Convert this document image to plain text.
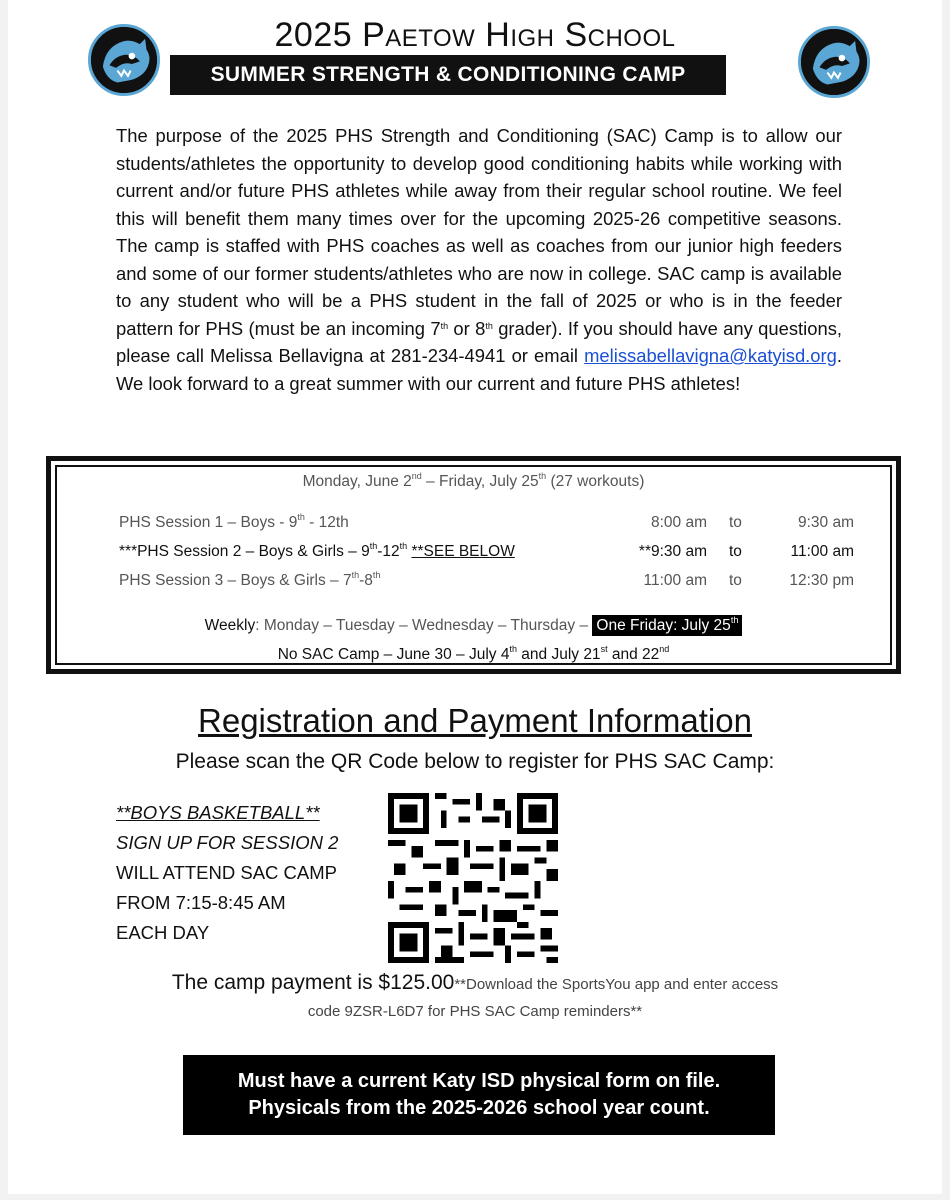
2025 Paetow High School
SUMMER STRENGTH & CONDITIONING CAMP
The purpose of the 2025 PHS Strength and Conditioning (SAC) Camp is to allow our students/athletes the opportunity to develop good conditioning habits while working with current and/or future PHS athletes while away from their regular school routine. We feel this will benefit them many times over for the upcoming 2025-26 competitive seasons. The camp is staffed with PHS coaches as well as coaches from our junior high feeders and some of our former students/athletes who are now in college. SAC camp is available to any student who will be a PHS student in the fall of 2025 or who is in the feeder pattern for PHS (must be an incoming 7th or 8th grader). If you should have any questions, please call Melissa Bellavigna at 281-234-4941 or email melissabellavigna@katyisd.org. We look forward to a great summer with our current and future PHS athletes!
Monday, June 2nd – Friday, July 25th (27 workouts)
PHS Session 1 – Boys - 9th - 12th	8:00 am to	9:30 am
***PHS Session 2 – Boys & Girls – 9th-12th **SEE BELOW	**9:30 am to	11:00 am
PHS Session 3 – Boys & Girls – 7th-8th	11:00 am to	12:30 pm
Weekly: Monday – Tuesday – Wednesday – Thursday – One Friday: July 25th
No SAC Camp – June 30 – July 4th and July 21st and 22nd
Registration and Payment Information
Please scan the QR Code below to register for PHS SAC Camp:
**BOYS BASKETBALL**
SIGN UP FOR SESSION 2
WILL ATTEND SAC CAMP
FROM 7:15-8:45 AM
EACH DAY
The camp payment is $125.00**Download the SportsYou app and enter access
code 9ZSR-L6D7 for PHS SAC Camp reminders**
Must have a current Katy ISD physical form on file.
Physicals from the 2025-2026 school year count.
